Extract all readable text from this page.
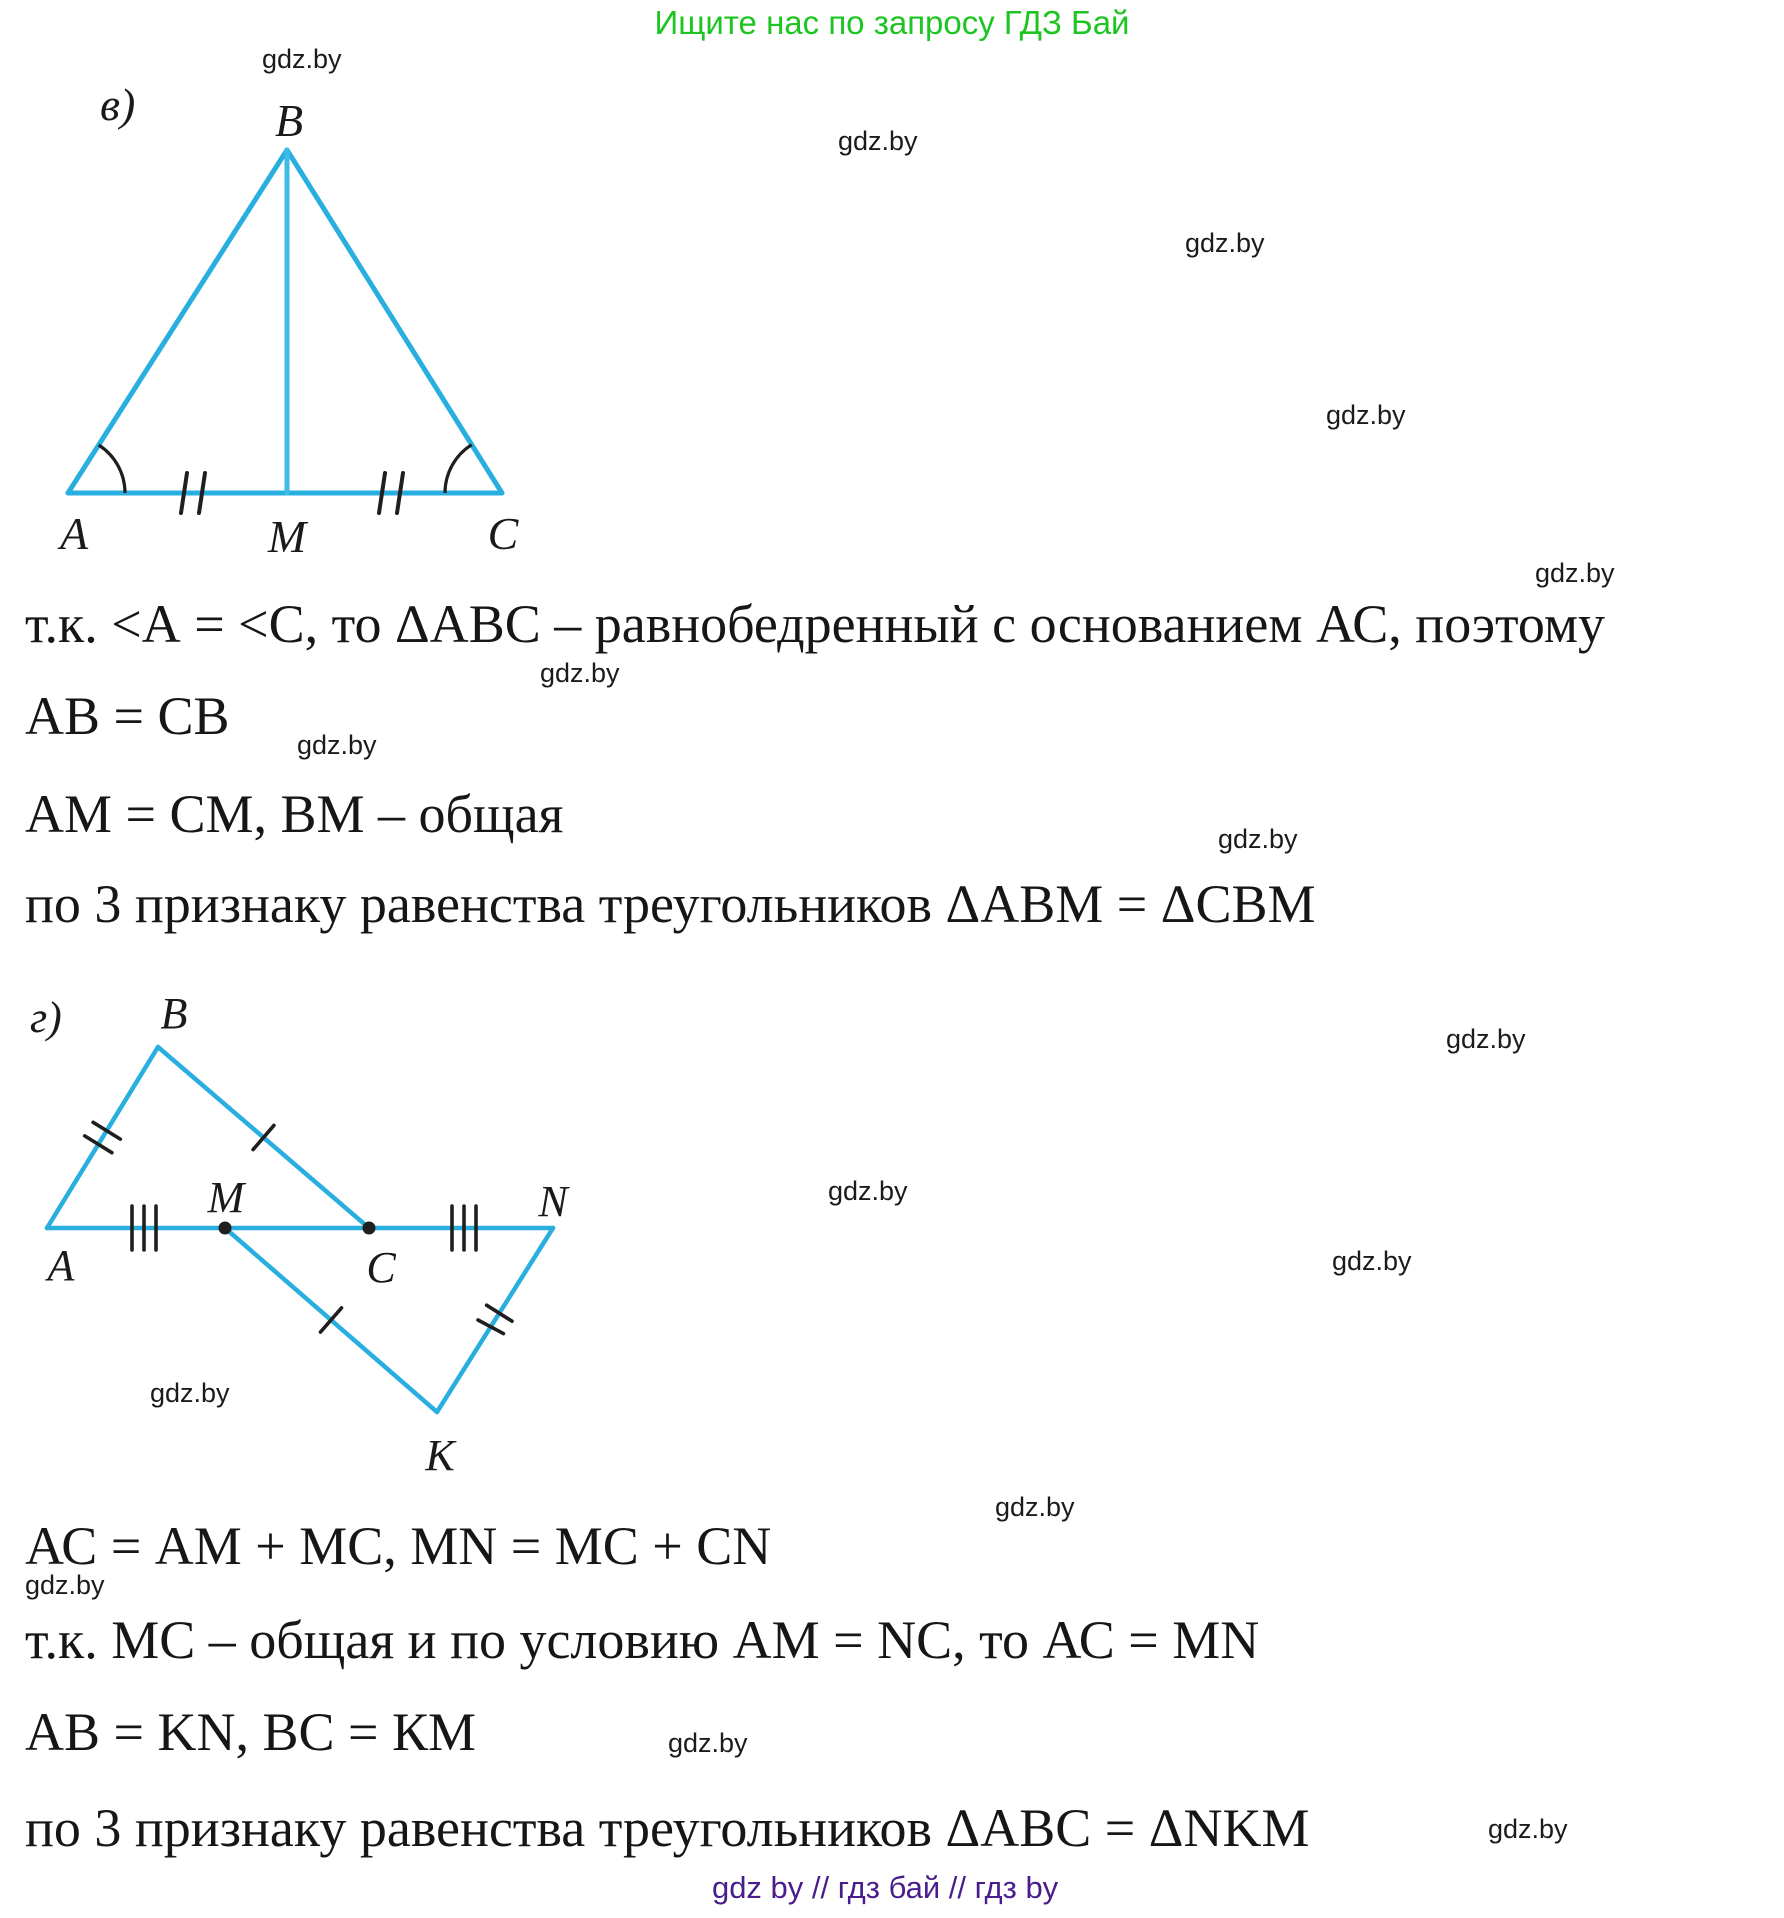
Ищите нас по запросу ГДЗ Бай
gdz.by
gdz.by
gdz.by
gdz.by
gdz.by
gdz.by
gdz.by
gdz.by
gdz.by
gdz.by
gdz.by
gdz.by
gdz.by
gdz.by
gdz.by
gdz.by
в)	B
A	M	C
г) B
M
A	C
N
K
т.к. <А = <С, то ΔАВС – равнобедренный с основанием АС, поэтому
АВ = СВ
АМ = СМ, ВМ – общая
по 3 признаку равенства треугольников ΔАВМ = ΔСВМ
АС = АМ + МС, MN = МС + CN
т.к. МС – общая и по условию АМ = NC, то АС = MN
АВ = KN, ВС = КМ
по 3 признаку равенства треугольников ΔАВС = ΔNKM
gdz by // гдз бай // гдз by
